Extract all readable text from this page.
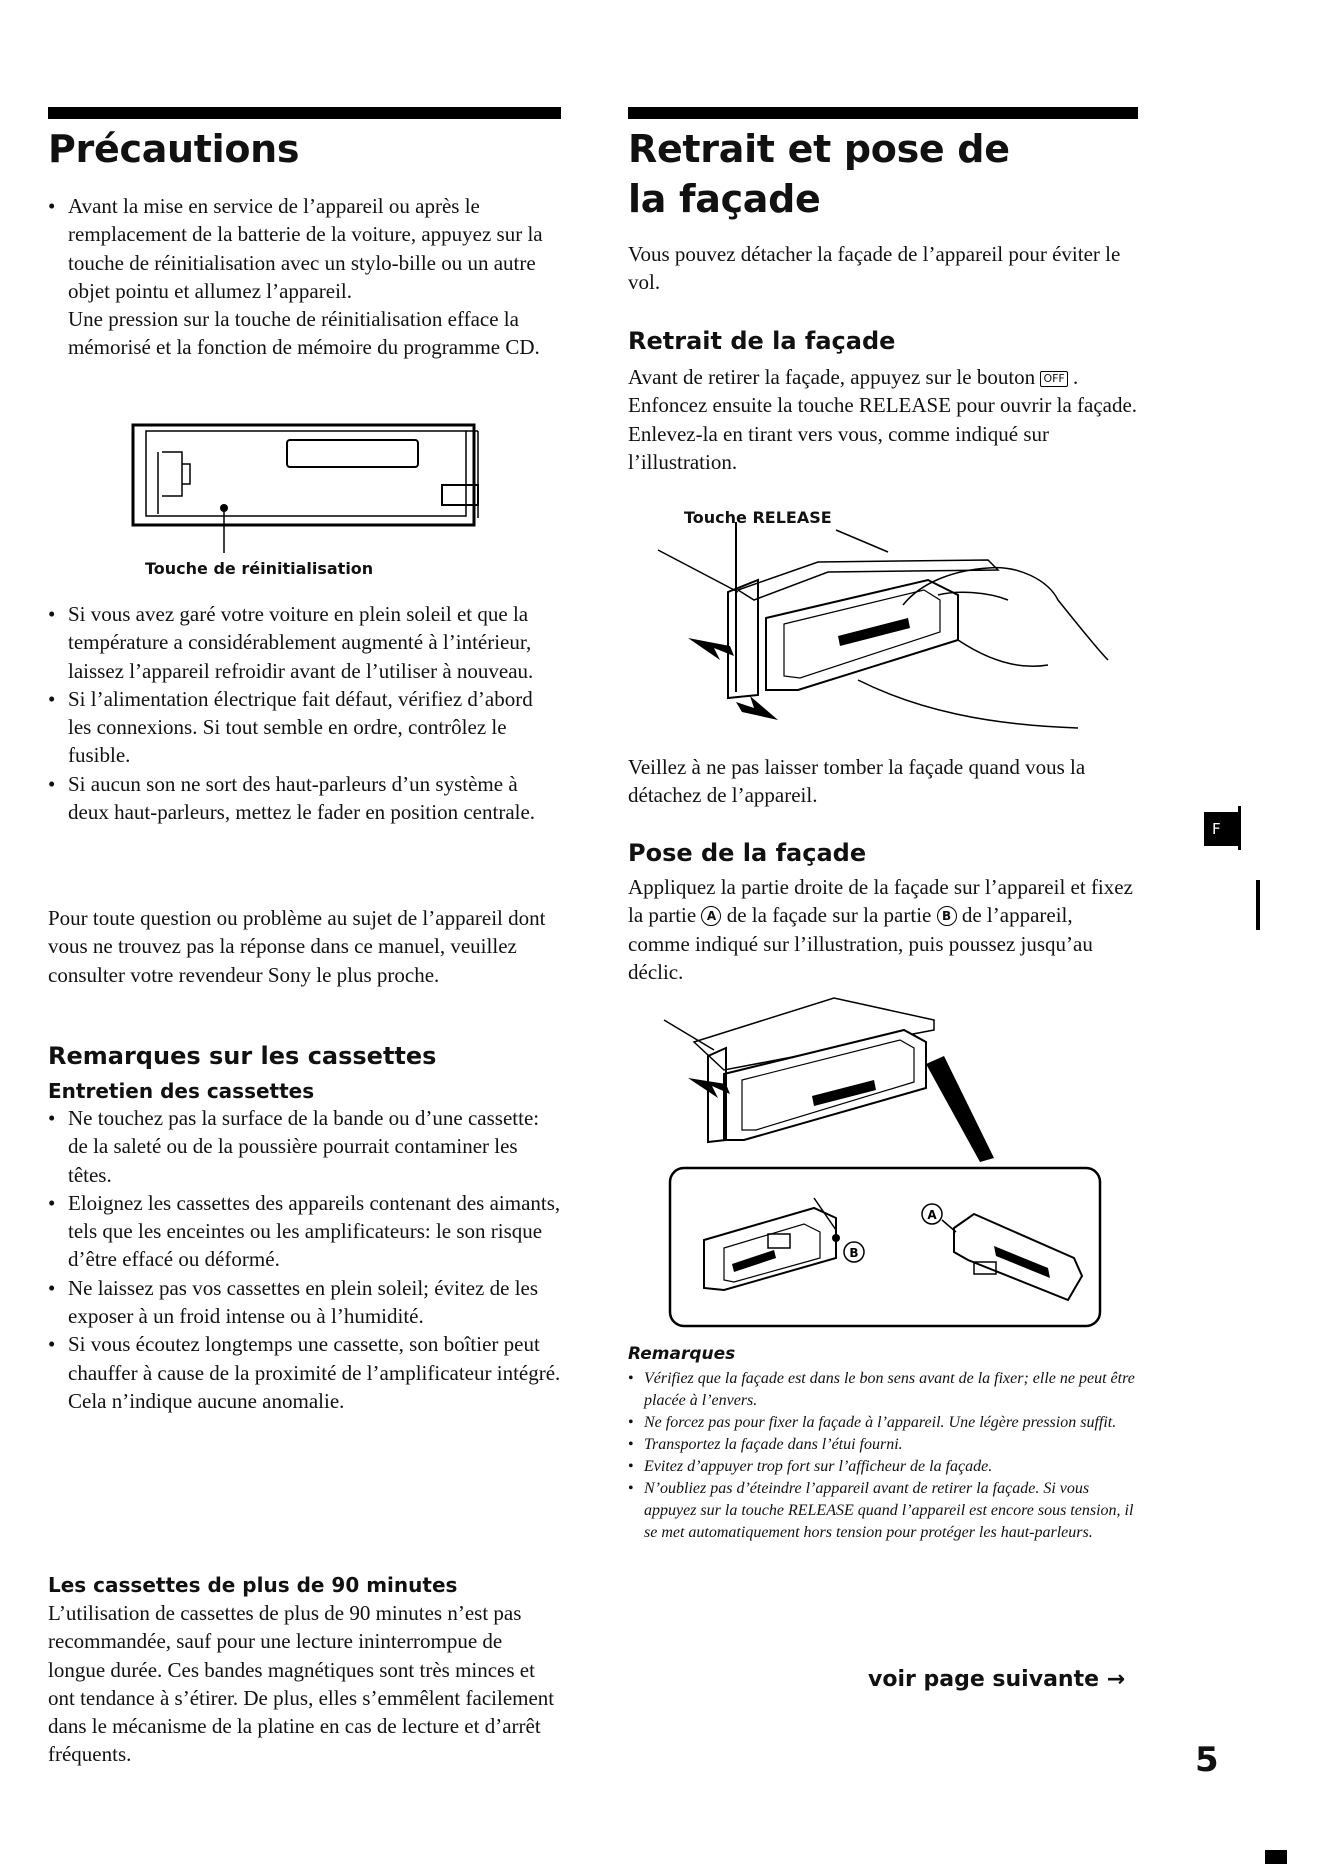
Précautions
• Avant la mise en service de l’appareil ou après le remplacement de la batterie de la voiture, appuyez sur la touche de réinitialisation avec un stylo-bille ou un autre objet pointu et allumez l’appareil.
Une pression sur la touche de réinitialisation efface la mémorisé et la fonction de mémoire du programme CD.
Touche de réinitialisation
• Si vous avez garé votre voiture en plein soleil et que la température a considérablement augmenté à l’intérieur, laissez l’appareil refroidir avant de l’utiliser à nouveau.
• Si l’alimentation électrique fait défaut, vérifiez d’abord les connexions. Si tout semble en ordre, contrôlez le fusible.
• Si aucun son ne sort des haut-parleurs d’un système à deux haut-parleurs, mettez le fader en position centrale.

Pour toute question ou problème au sujet de l’appareil dont vous ne trouvez pas la réponse dans ce manuel, veuillez consulter votre revendeur Sony le plus proche.

Remarques sur les cassettes
Entretien des cassettes
• Ne touchez pas la surface de la bande ou d’une cassette: de la saleté ou de la poussière pourrait contaminer les têtes.
• Eloignez les cassettes des appareils contenant des aimants, tels que les enceintes ou les amplificateurs: le son risque d’être effacé ou déformé.
• Ne laissez pas vos cassettes en plein soleil; évitez de les exposer à un froid intense ou à l’humidité.
• Si vous écoutez longtemps une cassette, son boîtier peut chauffer à cause de la proximité de l’amplificateur intégré. Cela n’indique aucune anomalie.
Les cassettes de plus de 90 minutes

L’utilisation de cassettes de plus de 90 minutes n’est pas recommandée, sauf pour une lecture ininterrompue de longue durée. Ces bandes magnétiques sont très minces et ont tendance à s’étirer. De plus, elles s’emmêlent facilement dans le mécanisme de la platine en cas de lecture et d’arrêt fréquents.

Retrait et pose de la façade

Vous pouvez détacher la façade de l’appareil pour éviter le vol.

Retrait de la façade

Avant de retirer la façade, appuyez sur le bouton OFF . Enfoncez ensuite la touche RELEASE pour ouvrir la façade. Enlevez-la en tirant vers vous, comme indiqué sur l’illustration.

Touche RELEASE

Veillez à ne pas laisser tomber la façade quand vous la détachez de l’appareil.

Pose de la façade

Appliquez la partie droite de la façade sur l’appareil et fixez la partie A de la façade sur la partie B de l’appareil, comme indiqué sur l’illustration, puis poussez jusqu’au déclic.

B
A
Remarques
• Vérifiez que la façade est dans le bon sens avant de la fixer; elle ne peut être placée à l’envers.
• Ne forcez pas pour fixer la façade à l’appareil. Une légère pression suffit.
• Transportez la façade dans l’étui fourni.
• Evitez d’appuyer trop fort sur l’afficheur de la façade.
• N’oubliez pas d’éteindre l’appareil avant de retirer la façade. Si vous appuyez sur la touche RELEASE quand l’appareil est encore sous tension, il se met automatiquement hors tension pour protéger les haut-parleurs.
voir page suivante →
F
5
